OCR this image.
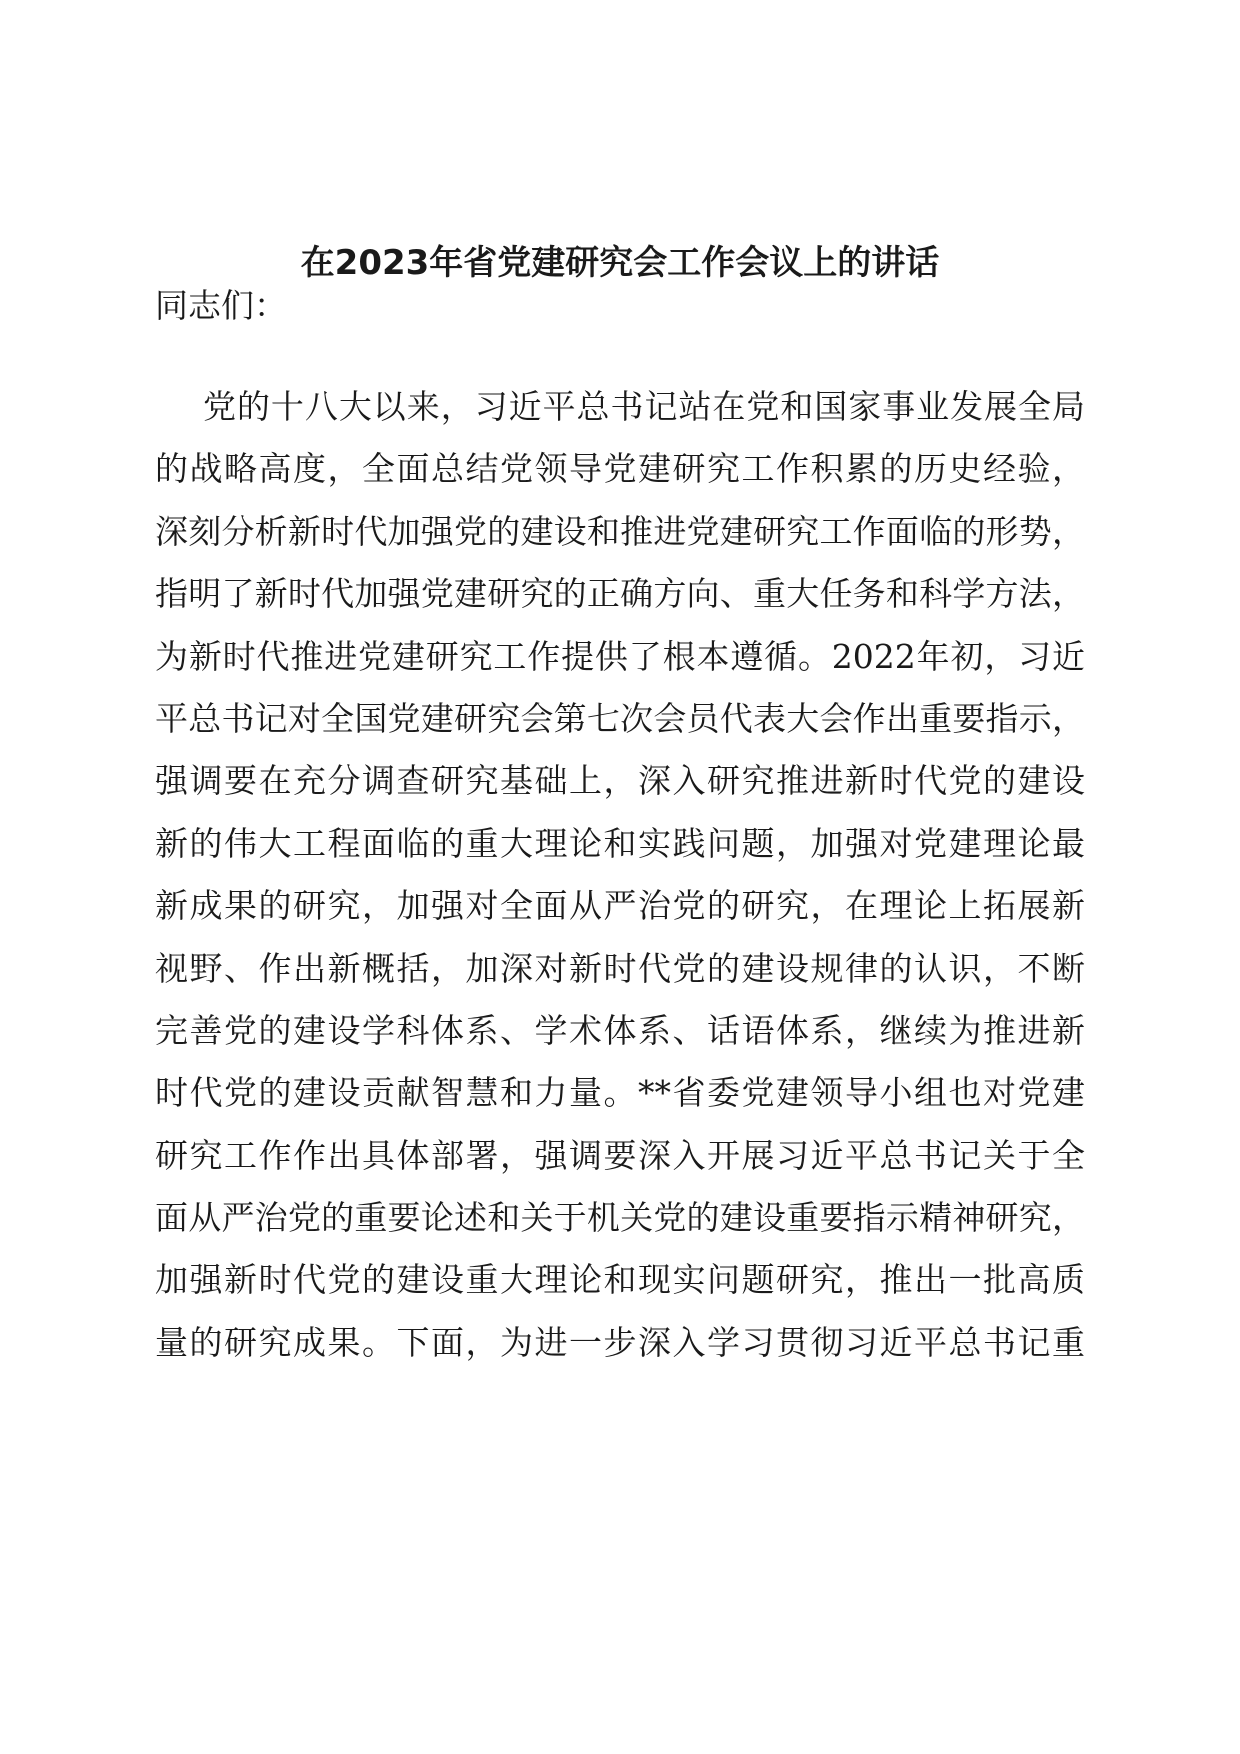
在2023年省党建研究会工作会议上的讲话

同志们：

党的十八大以来，习近平总书记站在党和国家事业发展全局
的战略高度，全面总结党领导党建研究工作积累的历史经验，
深刻分析新时代加强党的建设和推进党建研究工作面临的形势，
指明了新时代加强党建研究的正确方向、重大任务和科学方法，
为新时代推进党建研究工作提供了根本遵循。2022年初，习近
平总书记对全国党建研究会第七次会员代表大会作出重要指示，
强调要在充分调查研究基础上，深入研究推进新时代党的建设
新的伟大工程面临的重大理论和实践问题，加强对党建理论最
新成果的研究，加强对全面从严治党的研究，在理论上拓展新
视野、作出新概括，加深对新时代党的建设规律的认识，不断
完善党的建设学科体系、学术体系、话语体系，继续为推进新
时代党的建设贡献智慧和力量。**省委党建领导小组也对党建
研究工作作出具体部署，强调要深入开展习近平总书记关于全
面从严治党的重要论述和关于机关党的建设重要指示精神研究，
加强新时代党的建设重大理论和现实问题研究，推出一批高质
量的研究成果。下面，为进一步深入学习贯彻习近平总书记重
